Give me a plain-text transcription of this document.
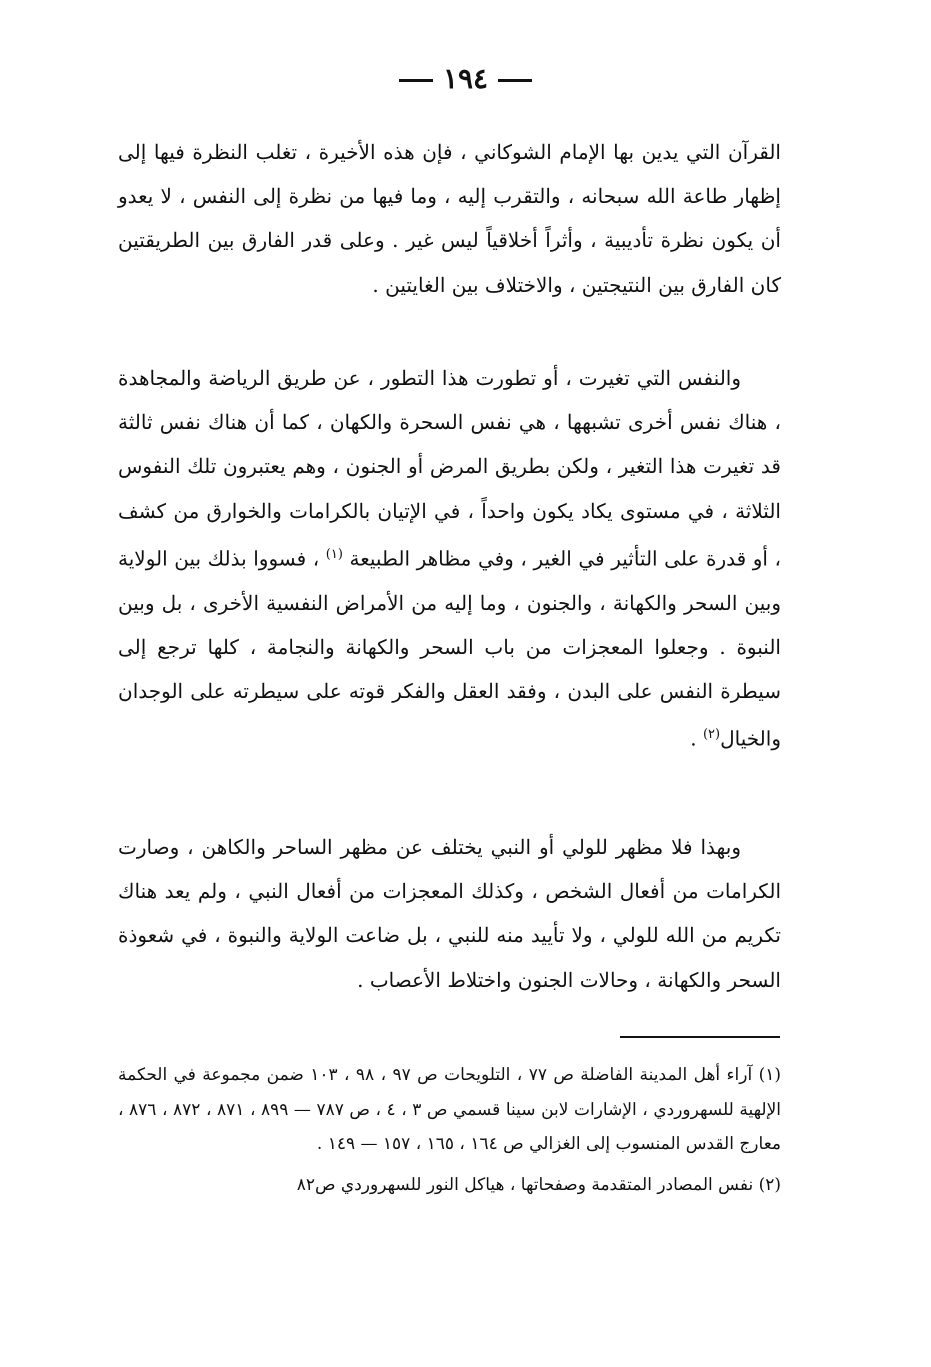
١٩٤

القرآن التي يدين بها الإمام الشوكاني ، فإن هذه الأخيرة ، تغلب النظرة فيها إلى إظهار طاعة الله سبحانه ، والتقرب إليه ، وما فيها من نظرة إلى النفس ، لا يعدو أن يكون نظرة تأديبية ، وأثراً أخلاقياً ليس غير . وعلى قدر الفارق بين الطريقتين كان الفارق بين النتيجتين ، والاختلاف بين الغايتين .

والنفس التي تغيرت ، أو تطورت هذا التطور ، عن طريق الرياضة والمجاهدة ، هناك نفس أخرى تشبهها ، هي نفس السحرة والكهان ، كما أن هناك نفس ثالثة قد تغيرت هذا التغير ، ولكن بطريق المرض أو الجنون ، وهم يعتبرون تلك النفوس الثلاثة ، في مستوى يكاد يكون واحداً ، في الإتيان بالكرامات والخوارق من كشف ، أو قدرة على التأثير في الغير ، وفي مظاهر الطبيعة $^{(١)}$ ، فسووا بذلك بين الولاية وبين السحر والكهانة ، والجنون ، وما إليه من الأمراض النفسية الأخرى ، بل وبين النبوة . وجعلوا المعجزات من باب السحر والكهانة والنجامة ، كلها ترجع إلى سيطرة النفس على البدن ، وفقد العقل والفكر قوته على سيطرته على الوجدان والخيال$^{(٢)}$ .

وبهذا فلا مظهر للولي أو النبي يختلف عن مظهر الساحر والكاهن ، وصارت الكرامات من أفعال الشخص ، وكذلك المعجزات من أفعال النبي ، ولم يعد هناك تكريم من الله للولي ، ولا تأييد منه للنبي ، بل ضاعت الولاية والنبوة ، في شعوذة السحر والكهانة ، وحالات الجنون واختلاط الأعصاب .

(١) آراء أهل المدينة الفاضلة ص ٧٧ ، التلويحات ص ٩٧ ، ٩٨ ، ١٠٣ ضمن مجموعة في الحكمة الإلهية للسهروردي ، الإشارات لابن سينا قسمي ص ٣ ، ٤ ، ص ٧٨٧ — ٨٩٩ ، ٨٧١ ، ٨٧٢ ، ٨٧٦ ، معارج القدس المنسوب إلى الغزالي ص ١٦٤ ، ١٦٥ ، ١٥٧ — ١٤٩ .

(٢) نفس المصادر المتقدمة وصفحاتها ، هياكل النور للسهروردي ص٨٢
